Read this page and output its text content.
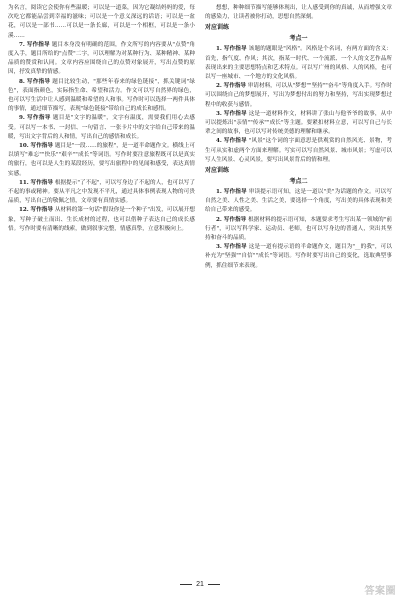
为名言，阅读它会使你有些温暖；可以是一道菜，因为它凝结妈妈的爱，每次吃它都能品尝到幸福的滋味；可以是一个意义深远的话语；可以是一盆花，可以是一部书……可以是一条长廊，可以是一个相框，可以是一条小溪……

7. 写作指导 题目本身没有明确的范围，作文所写的内容要从"点赞"角度入手，题目所给的"点赞"二字，可以理解为对某种行为、某种精神、某种品质的赞赏和认同。文章内容应围绕自己的点赞对象展开，写出点赞的原因，抒发真挚的情感。

8. 写作指导 题目比较生动，"那些年春来的绿色链接"，抓关键词"绿色"，表面指颜色，实际指生命、希望和活力。作文可以写自然界的绿色，也可以写生活中让人感到温暖和希望的人和事。写作时可以选择一两件具体的事情，通过细节描写，表现"绿色链接"带给自己的成长和感悟。

9. 写作指导 题目是"文字的温暖"，文字有温度，需要我们用心去感受。可以写一本书、一封信、一句留言、一张卡片中的文字给自己带来的温暖，写出文字背后的人和情，写出自己的感悟和成长。

10. 写作指导 题目是"一段……的旅程"，是一道半命题作文。横线上可以填写"难忘""快乐""艰辛""成长"等词语。写作时要注意旅程既可以是真实的旅行，也可以是人生的某段经历，要写出旅程中的见闻和感受，表达真情实感。

11. 写作指导 根据提示"了不起"，可以写身边了不起的人，也可以写了不起的事或精神。要从平凡之中发现不平凡，通过具体事例表现人物的可贵品质，写出自己的敬佩之情，文章要有真情实感。

12. 写作指导 从材料的第一句话"假设你是一个种子"出发，可以展开想象，写种子破土而出、生长成材的过程，也可以借种子表达自己的成长感悟。写作时要有清晰的线索，做到叙事完整，情感真挚，立意积极向上。

想想，种种细节描写能够体现出，让人感受到你的真诚，从而增强文章的感染力，让读者被你打动，思想自然深刻。

对应训练
考点一

1. 写作指导 该题的题眼是"风格"。风格是个名词，有两方面的含义：首先，指气度、作风；其次，指某一时代、一个流派、一个人的文艺作品所表现出来的主要思想特点和艺术特点。可以写广州的风格、人的风格，也可以写一座城市、一个地方的文化风格。

2. 写作指导 审请材料，可以从"梦想""坚持""奋斗"等角度入手。写作时可以围绕自己的梦想展开，写出为梦想付出的努力和坚持，写出实现梦想过程中的收获与感悟。

3. 写作指导 这是一道材料作文，材料讲了张山与他爷爷的故事，从中可以提炼出"亲情""传承""成长"等主题。要紧扣材料立意，可以写自己与长辈之间的故事，也可以写对传统美德的理解和继承。

4. 写作指导 "风景"这个词的字面意思是供观赏的自然风光、景物，考生可从实和虚两个方面来理解。写实可以写自然风景、城市风景；写虚可以写人生风景、心灵风景，要写出风景背后的情和理。

对应训练
考点二

1. 写作指导 审读提示语可知，这是一道以"美"为话题的作文。可以写自然之美、人性之美、生活之美，要选择一个角度，写出美的具体表现和美给自己带来的感受。

2. 写作指导 根据材料的提示语可知，本题要求考生写出某一领域的"前行者"，可以写科学家、运动员、老师，也可以写身边的普通人，突出其坚持和奋斗的品质。

3. 写作指导 这是一道有提示语的半命题作文，题目为"__的我"，可以补充为"坚强""自信""成长"等词语。写作时要写出自己的变化，选取典型事例，抓住细节来表现。

21
答案圈
